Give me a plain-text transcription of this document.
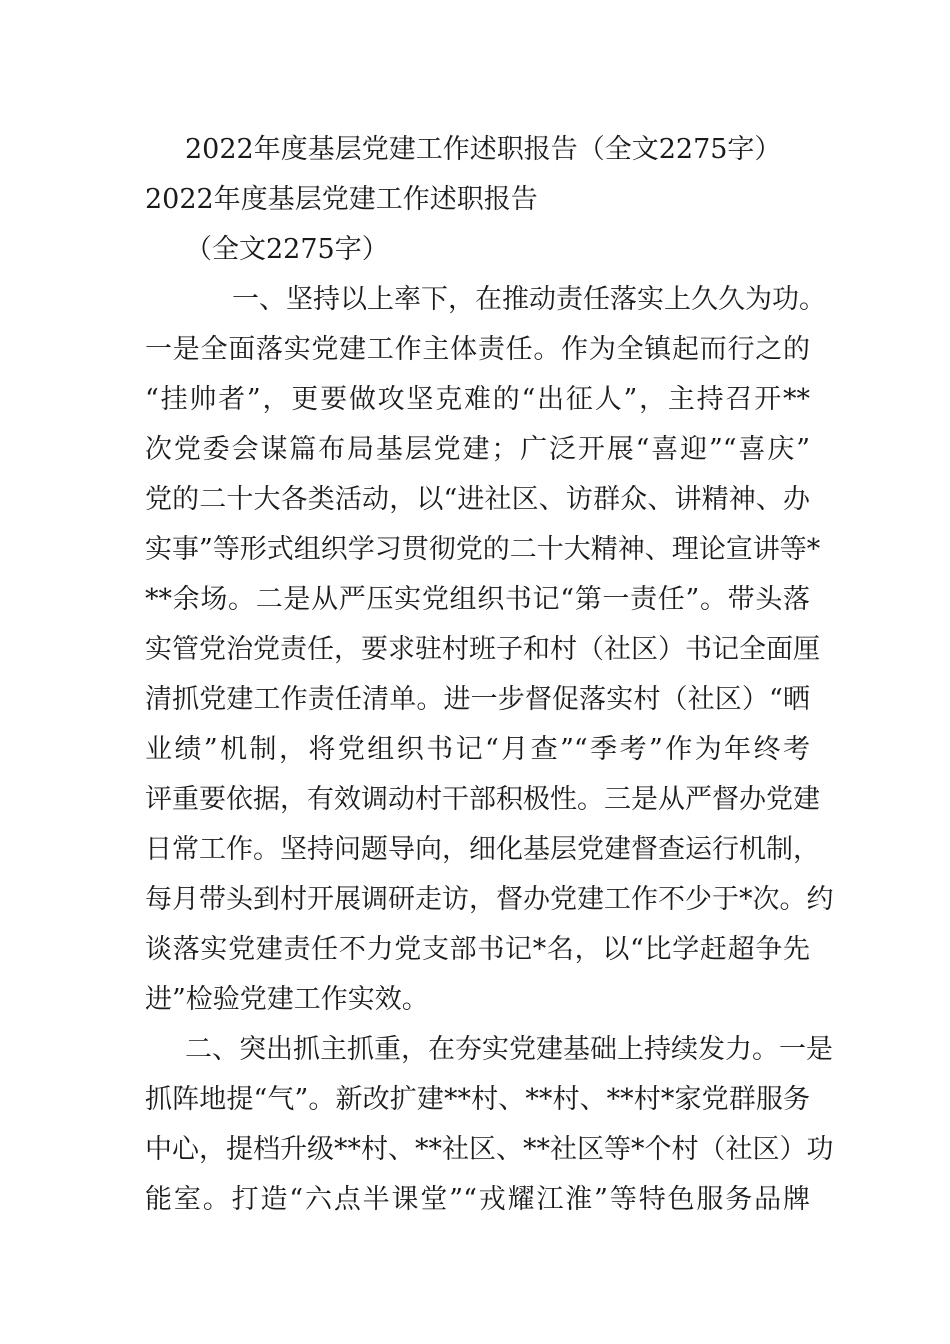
2022年度基层党建工作述职报告（全文2275字）
2022年度基层党建工作述职报告
（全文2275字）
一、坚持以上率下，在推动责任落实上久久为功。
一是全面落实党建工作主体责任。作为全镇起而行之的
“挂帅者”，更要做攻坚克难的“出征人”，主持召开**
次党委会谋篇布局基层党建；广泛开展“喜迎”“喜庆”
党的二十大各类活动，以“进社区、访群众、讲精神、办
实事”等形式组织学习贯彻党的二十大精神、理论宣讲等*
**余场。二是从严压实党组织书记“第一责任”。带头落
实管党治党责任，要求驻村班子和村（社区）书记全面厘
清抓党建工作责任清单。进一步督促落实村（社区）“晒
业绩”机制，将党组织书记“月查”“季考”作为年终考
评重要依据，有效调动村干部积极性。三是从严督办党建
日常工作。坚持问题导向，细化基层党建督查运行机制，
每月带头到村开展调研走访，督办党建工作不少于*次。约
谈落实党建责任不力党支部书记*名，以“比学赶超争先
进”检验党建工作实效。
二、突出抓主抓重，在夯实党建基础上持续发力。一是
抓阵地提“气”。新改扩建**村、**村、**村*家党群服务
中心，提档升级**村、**社区、**社区等*个村（社区）功
能室。打造“六点半课堂”“戎耀江淮”等特色服务品牌
